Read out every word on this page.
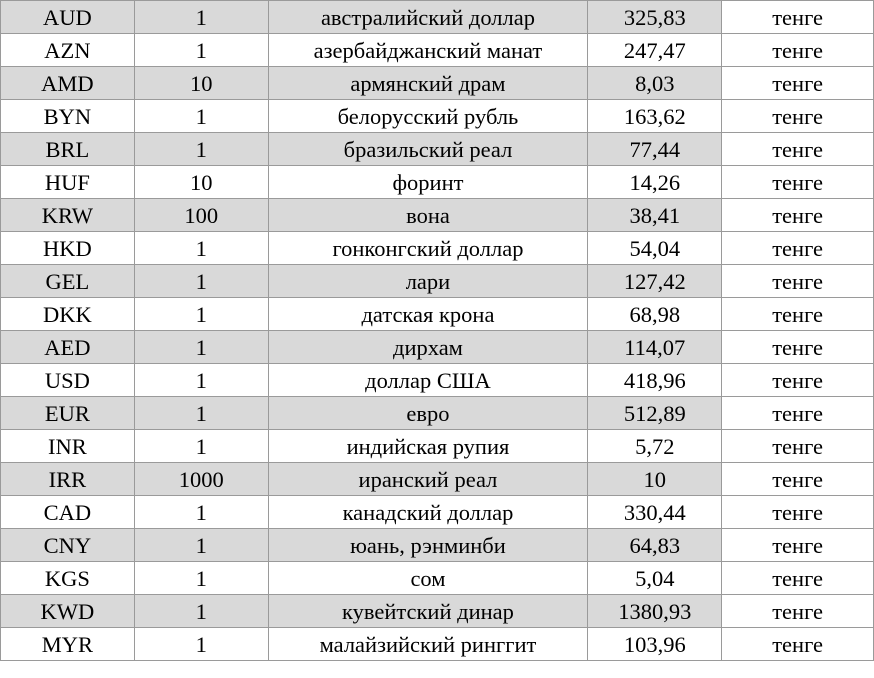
AUD	1	австралийский доллар	325,83	тенге
AZN	1	азербайджанский манат	247,47	тенге
AMD	10	армянский драм	8,03	тенге
BYN	1	белорусский рубль	163,62	тенге
BRL	1	бразильский реал	77,44	тенге
HUF	10	форинт	14,26	тенге
KRW	100	вона	38,41	тенге
HKD	1	гонконгский доллар	54,04	тенге
GEL	1	лари	127,42	тенге
DKK	1	датская крона	68,98	тенге
AED	1	дирхам	114,07	тенге
USD	1	доллар США	418,96	тенге
EUR	1	евро	512,89	тенге
INR	1	индийская рупия	5,72	тенге
IRR	1000	иранский реал	10	тенге
CAD	1	канадский доллар	330,44	тенге
CNY	1	юань, рэнминби	64,83	тенге
KGS	1	сом	5,04	тенге
KWD	1	кувейтский динар	1380,93	тенге
MYR	1	малайзийский ринггит	103,96	тенге
